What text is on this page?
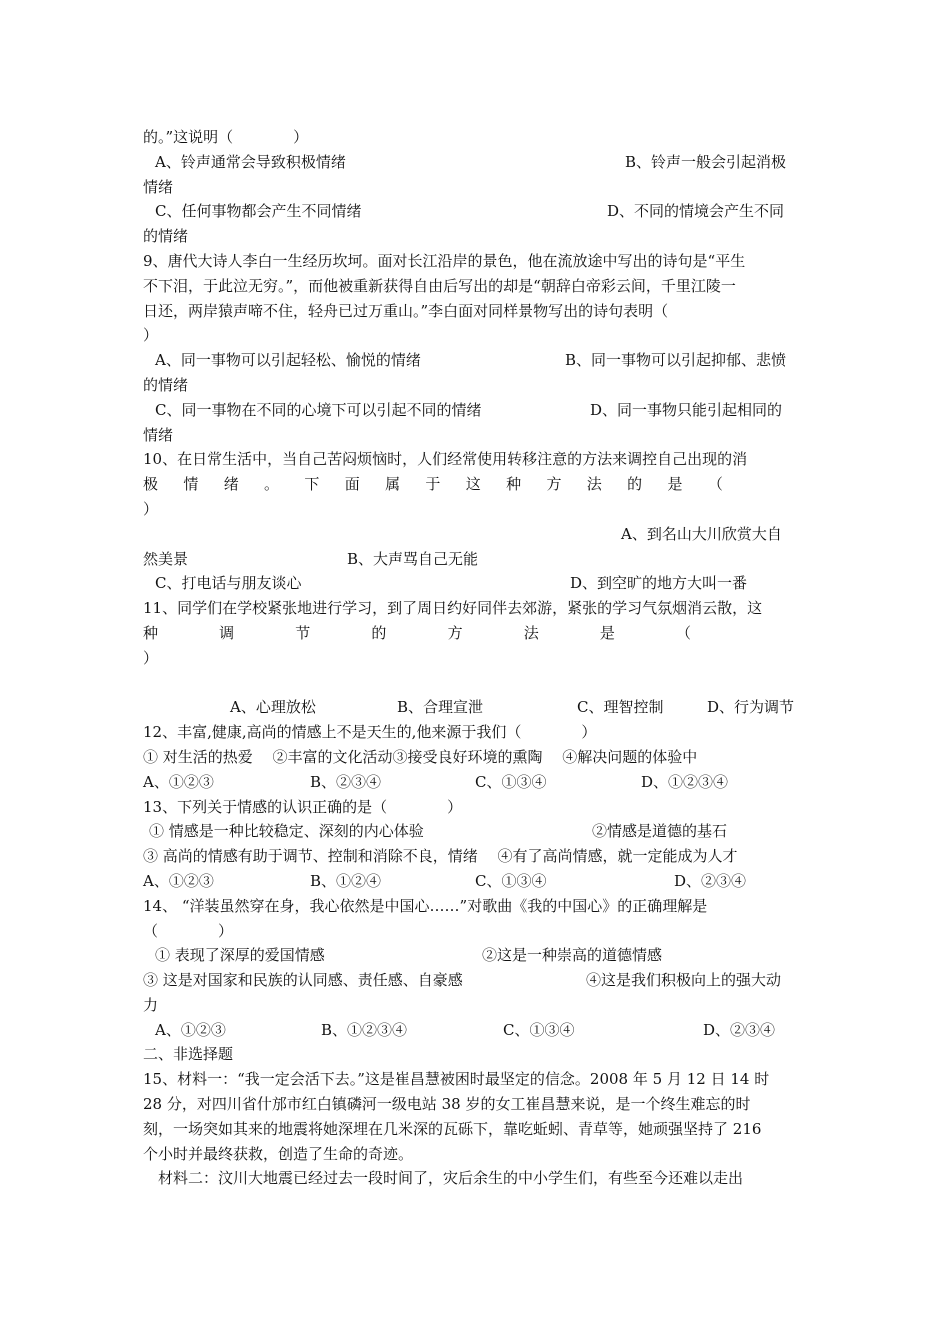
的。”这说明（　　　　）
A、铃声通常会导致积极情绪	B、铃声一般会引起消极
情绪
C、任何事物都会产生不同情绪	D、不同的情境会产生不同
的情绪
9、唐代大诗人李白一生经历坎坷。面对长江沿岸的景色，他在流放途中写出的诗句是“平生
不下泪，于此泣无穷。”，而他被重新获得自由后写出的却是“朝辞白帝彩云间，千里江陵一
日还，两岸猿声啼不住，轻舟已过万重山。”李白面对同样景物写出的诗句表明（
）
A、同一事物可以引起轻松、愉悦的情绪	B、同一事物可以引起抑郁、悲愤
的情绪
C、同一事物在不同的心境下可以引起不同的情绪	D、同一事物只能引起相同的
情绪
10、在日常生活中，当自己苦闷烦恼时，人们经常使用转移注意的方法来调控自己出现的消
极 情 绪 。 下 面 属 于 这 种 方 法 的 是 （
）
A、到名山大川欣赏大自
然美景	B、大声骂自己无能
C、打电话与朋友谈心	D、到空旷的地方大叫一番
11、同学们在学校紧张地进行学习，到了周日约好同伴去郊游，紧张的学习气氛烟消云散，这
种	调	节	的	方	法	是	（
）
A、心理放松	B、合理宣泄	C、理智控制	D、行为调节
12、丰富,健康,高尚的情感上不是天生的,他来源于我们（　　　　）
① 对生活的热爱　 ②丰富的文化活动③接受良好环境的熏陶　 ④解决问题的体验中
A、①②③	B、②③④	C、①③④	D、①②③④
13、下列关于情感的认识正确的是（　　　　）
① 情感是一种比较稳定、深刻的内心体验	②情感是道德的基石
③ 高尚的情感有助于调节、控制和消除不良，情绪　 ④有了高尚情感，就一定能成为人才
A、①②③	B、①②④	C、①③④	D、②③④
14、 “洋装虽然穿在身，我心依然是中国心……”对歌曲《我的中国心》的正确理解是
（　　　　）
① 表现了深厚的爱国情感	②这是一种崇高的道德情感
③ 这是对国家和民族的认同感、责任感、自豪感	④这是我们积极向上的强大动
力
A、①②③	B、①②③④	C、①③④	D、②③④
二、非选择题
15、材料一：“我一定会活下去。”这是崔昌慧被困时最坚定的信念。2008 年 5 月 12 日 14 时
28 分，对四川省什邡市红白镇磷河一级电站 38 岁的女工崔昌慧来说，是一个终生难忘的时
刻，一场突如其来的地震将她深埋在几米深的瓦砾下，靠吃蚯蚓、青草等，她顽强坚持了 216
个小时并最终获救，创造了生命的奇迹。
　材料二：汶川大地震已经过去一段时间了，灾后余生的中小学生们，有些至今还难以走出
